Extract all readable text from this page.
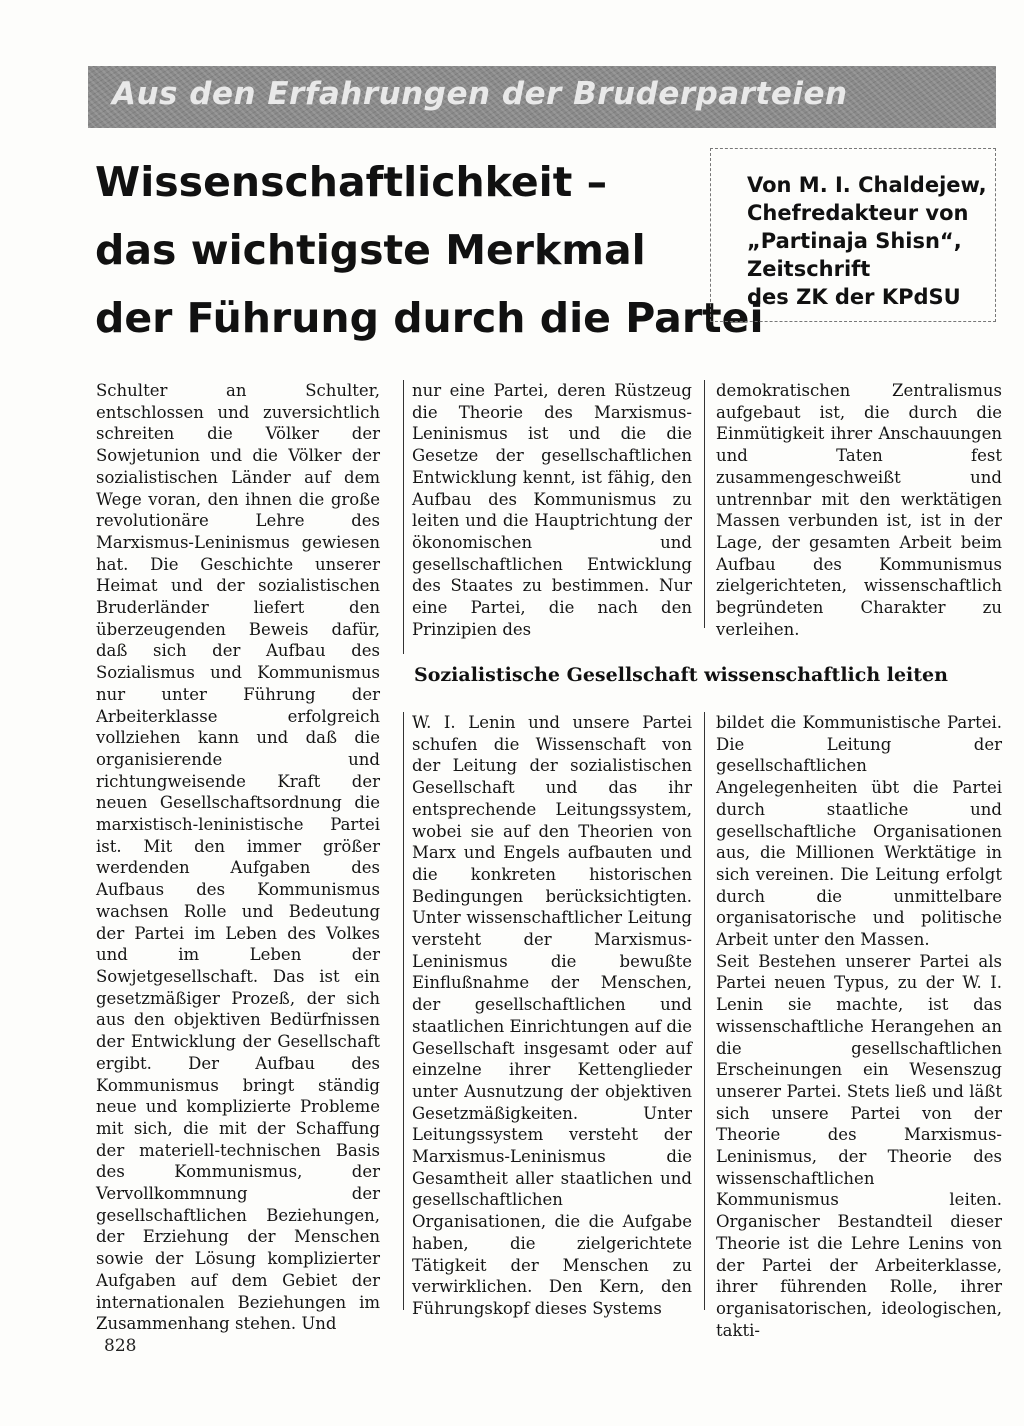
Aus den Erfahrungen der Bruderparteien
Wissenschaftlichkeit –
das wichtigste Merkmal
der Führung durch die Partei
Von M. I. Chaldejew,
Chefredakteur von
„Partinaja Shisn“,
Zeitschrift
des ZK der KPdSU

Schulter an Schulter, entschlossen und zuversichtlich schreiten die Völker der Sowjetunion und die Völker der sozialistischen Länder auf dem Wege voran, den ihnen die große revolutionäre Lehre des Marxismus-Leninismus gewiesen hat. Die Geschichte unserer Heimat und der sozialistischen Bruderländer liefert den überzeugenden Beweis dafür, daß sich der Aufbau des Sozialismus und Kommunismus nur unter Führung der Arbeiterklasse erfolgreich vollziehen kann und daß die organisierende und richtungweisende Kraft der neuen Gesellschaftsordnung die marxistisch-leninistische Partei ist. Mit den immer größer werdenden Aufgaben des Aufbaus des Kommunismus wachsen Rolle und Bedeutung der Partei im Leben des Volkes und im Leben der Sowjetgesellschaft. Das ist ein gesetzmäßiger Prozeß, der sich aus den objektiven Bedürfnissen der Entwicklung der Gesellschaft ergibt. Der Aufbau des Kommunismus bringt ständig neue und komplizierte Probleme mit sich, die mit der Schaffung der materiell-technischen Basis des Kommunismus, der Vervollkommnung der gesellschaftlichen Beziehungen, der Erziehung der Menschen sowie der Lösung komplizierter Aufgaben auf dem Gebiet der internationalen Beziehungen im Zusammenhang stehen. Und

nur eine Partei, deren Rüstzeug die Theorie des Marxismus-Leninismus ist und die die Gesetze der gesellschaftlichen Entwicklung kennt, ist fähig, den Aufbau des Kommunismus zu leiten und die Hauptrichtung der ökonomischen und gesellschaftlichen Entwicklung des Staates zu bestimmen. Nur eine Partei, die nach den Prinzipien des

demokratischen Zentralismus aufgebaut ist, die durch die Einmütigkeit ihrer Anschauungen und Taten fest zusammengeschweißt und untrennbar mit den werktätigen Massen verbunden ist, ist in der Lage, der gesamten Arbeit beim Aufbau des Kommunismus zielgerichteten, wissenschaftlich begründeten Charakter zu verleihen.

Sozialistische Gesellschaft wissenschaftlich leiten

W. I. Lenin und unsere Partei schufen die Wissenschaft von der Leitung der sozialistischen Gesellschaft und das ihr entsprechende Leitungssystem, wobei sie auf den Theorien von Marx und Engels aufbauten und die konkreten historischen Bedingungen berücksichtigten. Unter wissenschaftlicher Leitung versteht der Marxismus-Leninismus die bewußte Einflußnahme der Menschen, der gesellschaftlichen und staatlichen Einrichtungen auf die Gesellschaft insgesamt oder auf einzelne ihrer Kettenglieder unter Ausnutzung der objektiven Gesetzmäßigkeiten. Unter Leitungssystem versteht der Marxismus-Leninismus die Gesamtheit aller staatlichen und gesellschaftlichen Organisationen, die die Aufgabe haben, die zielgerichtete Tätigkeit der Menschen zu verwirklichen. Den Kern, den Führungskopf dieses Systems

bildet die Kommunistische Partei. Die Leitung der gesellschaftlichen Angelegenheiten übt die Partei durch staatliche und gesellschaftliche Organisationen aus, die Millionen Werktätige in sich vereinen. Die Leitung erfolgt durch die unmittelbare organisatorische und politische Arbeit unter den Massen.

Seit Bestehen unserer Partei als Partei neuen Typus, zu der W. I. Lenin sie machte, ist das wissenschaftliche Herangehen an die gesellschaftlichen Erscheinungen ein Wesenszug unserer Partei. Stets ließ und läßt sich unsere Partei von der Theorie des Marxismus-Leninismus, der Theorie des wissenschaftlichen Kommunismus leiten. Organischer Bestandteil dieser Theorie ist die Lehre Lenins von der Partei der Arbeiterklasse, ihrer führenden Rolle, ihrer organisatorischen, ideologischen, takti-

828
